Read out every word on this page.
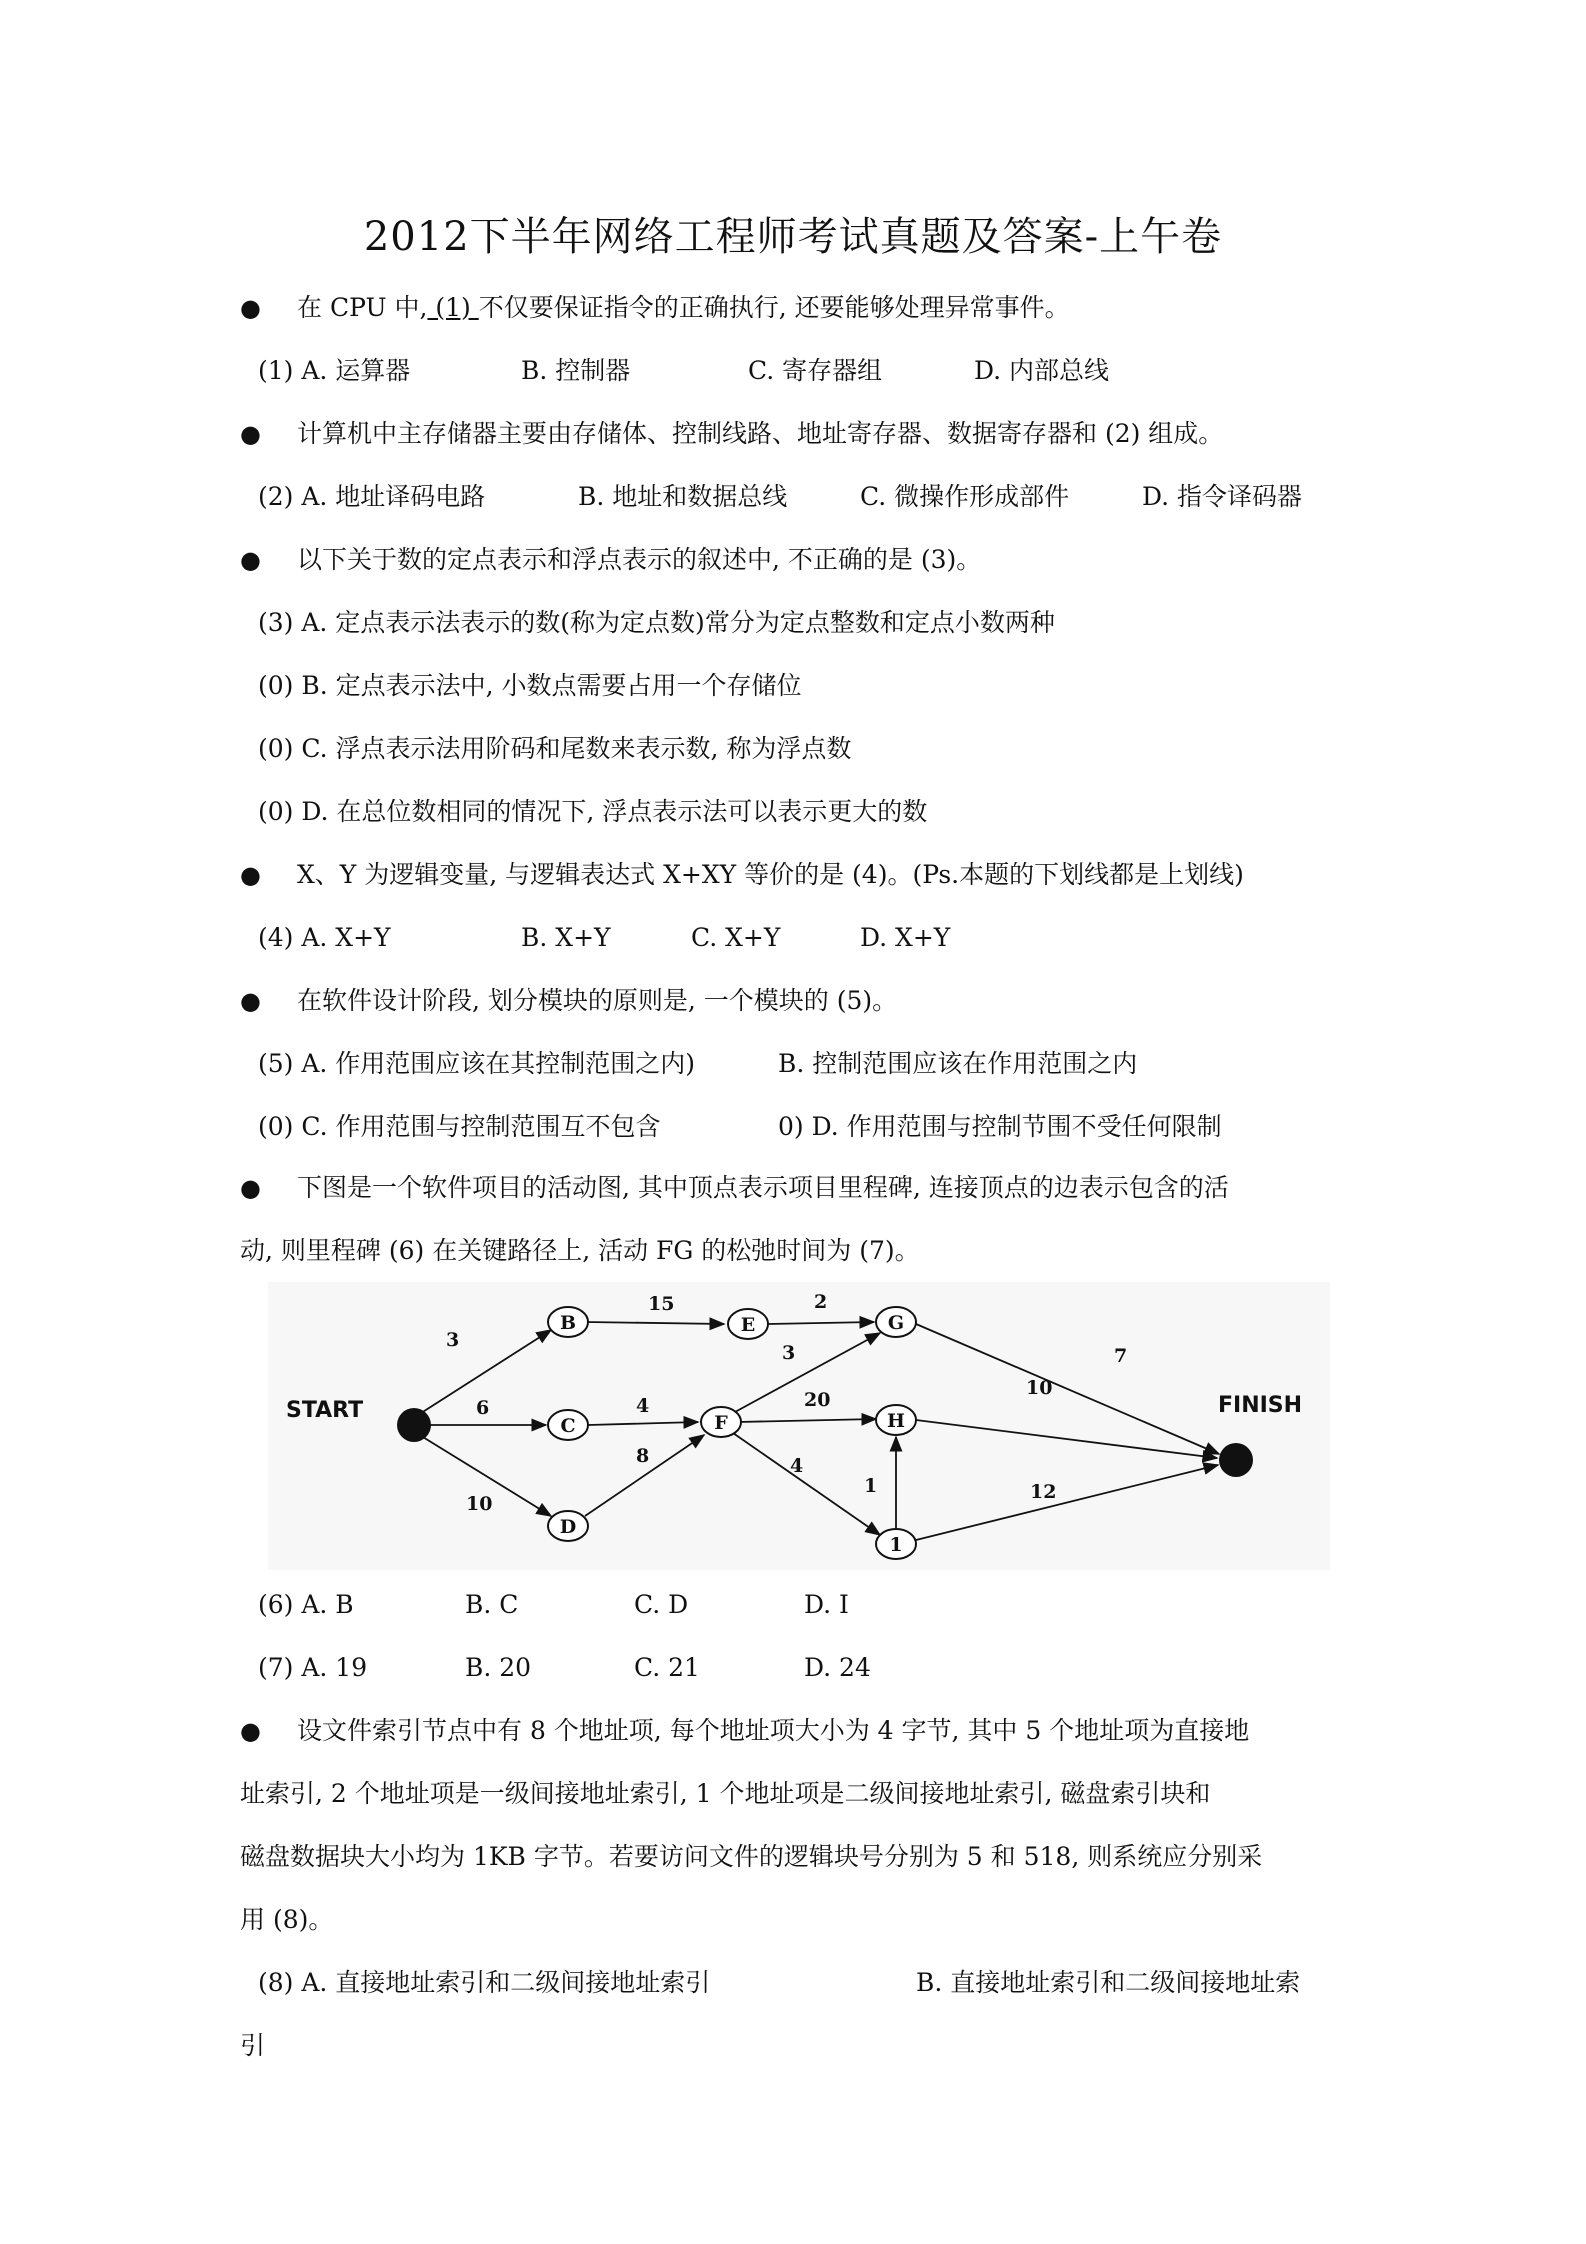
2012下半年网络工程师考试真题及答案-上午卷
● 在 CPU 中, (1) 不仅要保证指令的正确执行, 还要能够处理异常事件。
(1) A. 运算器	B. 控制器	C. 寄存器组	D. 内部总线
● 计算机中主存储器主要由存储体、控制线路、地址寄存器、数据寄存器和 (2) 组成。
(2) A. 地址译码电路	B. 地址和数据总线	C. 微操作形成部件	D. 指令译码器
● 以下关于数的定点表示和浮点表示的叙述中, 不正确的是 (3)。
(3) A. 定点表示法表示的数(称为定点数)常分为定点整数和定点小数两种
(0) B. 定点表示法中, 小数点需要占用一个存储位
(0) C. 浮点表示法用阶码和尾数来表示数, 称为浮点数
(0) D. 在总位数相同的情况下, 浮点表示法可以表示更大的数
● X、Y 为逻辑变量, 与逻辑表达式 X+XY 等价的是 (4)。(Ps.本题的下划线都是上划线)
(4) A. X+Y	B. X+Y	C. X+Y	D. X+Y
● 在软件设计阶段, 划分模块的原则是, 一个模块的 (5)。
(5) A. 作用范围应该在其控制范围之内)	B. 控制范围应该在作用范围之内
(0) C. 作用范围与控制范围互不包含	0) D. 作用范围与控制节围不受任何限制
● 下图是一个软件项目的活动图, 其中顶点表示项目里程碑, 连接顶点的边表示包含的活
动, 则里程碑 (6) 在关键路径上, 活动 FG 的松弛时间为 (7)。
START	FINISH
B
C
D
E
F
G
H
1
3
6
10
15	2
4
8
3
20
4
1
7
10
12
(6) A. B	B. C	C. D	D. I
(7) A. 19	B. 20	C. 21	D. 24
● 设文件索引节点中有 8 个地址项, 每个地址项大小为 4 字节, 其中 5 个地址项为直接地
址索引, 2 个地址项是一级间接地址索引, 1 个地址项是二级间接地址索引, 磁盘索引块和
磁盘数据块大小均为 1KB 字节。若要访问文件的逻辑块号分别为 5 和 518, 则系统应分别采
用 (8)。
(8) A. 直接地址索引和二级间接地址索引	B. 直接地址索引和二级间接地址索
引
